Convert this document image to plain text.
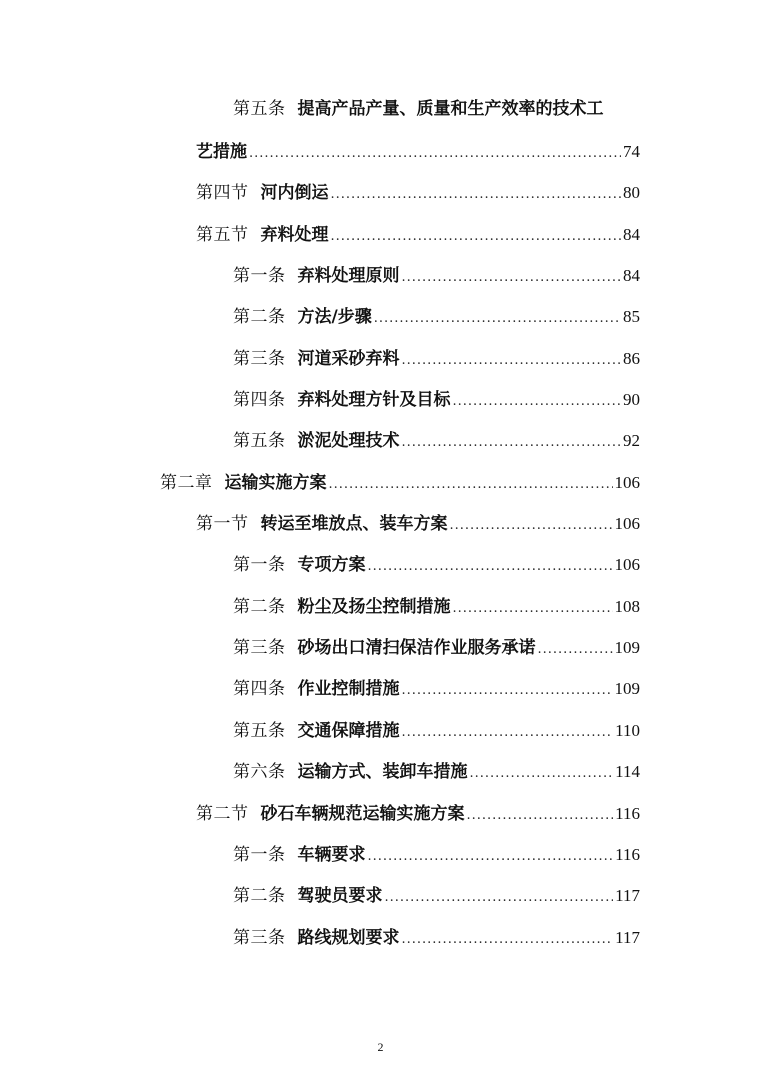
第五条 提高产品产量、质量和生产效率的技术工
艺措施 .....	74
第四节 河内倒运 .....	80
第五节 弃料处理 .....	84
第一条 弃料处理原则 .....	84
第二条 方法/步骤 .....	85
第三条 河道采砂弃料 .....	86
第四条 弃料处理方针及目标 .....	90
第五条 淤泥处理技术 .....	92
第二章 运输实施方案 .....	106
第一节 转运至堆放点、装车方案 .....	106
第一条 专项方案 .....	106
第二条 粉尘及扬尘控制措施 .....	108
第三条 砂场出口清扫保洁作业服务承诺 .....	109
第四条 作业控制措施 .....	109
第五条 交通保障措施 .....	110
第六条 运输方式、装卸车措施 .....	114
第二节 砂石车辆规范运输实施方案 .....	116
第一条 车辆要求 .....	116
第二条 驾驶员要求 .....	117
第三条 路线规划要求 .....	117
2
